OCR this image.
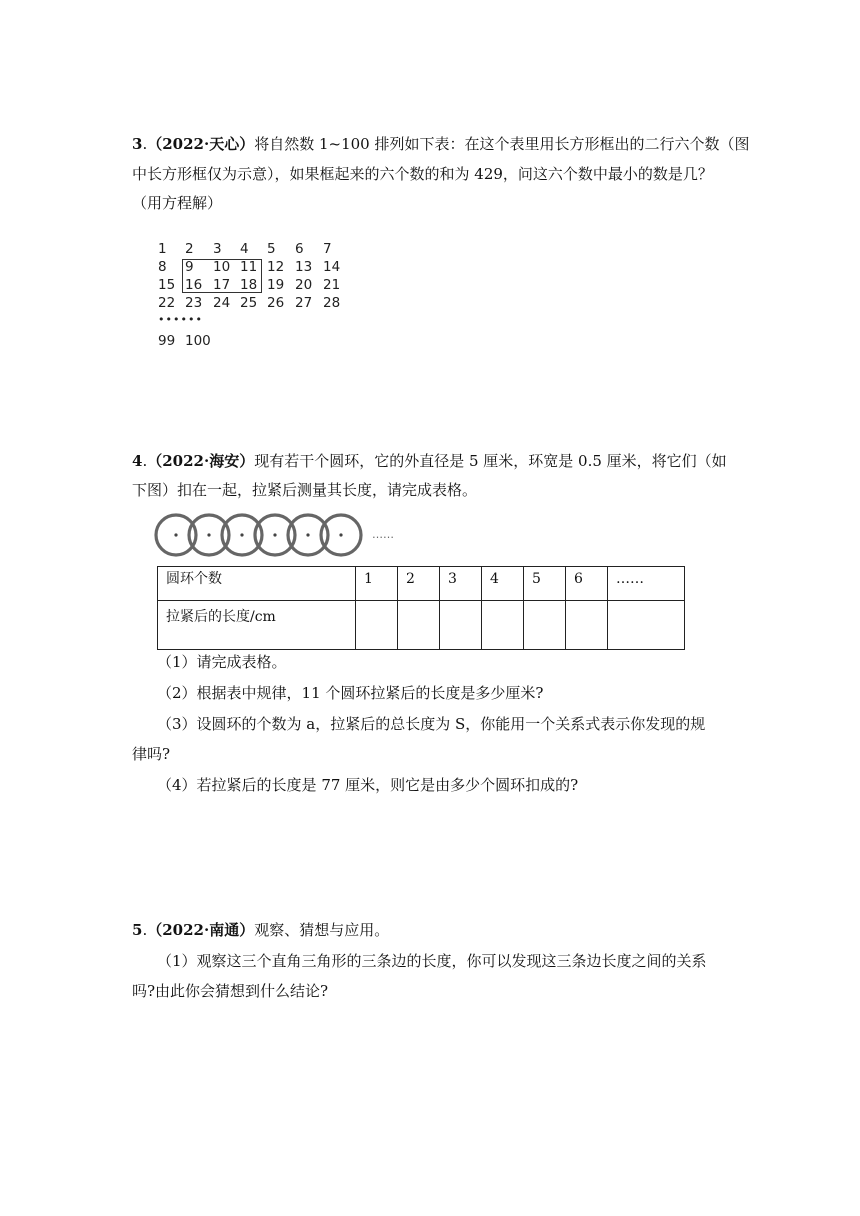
3.（2022·天心）将自然数 1~100 排列如下表：在这个表里用长方形框出的二行六个数（图
中长方形框仅为示意），如果框起来的六个数的和为 429，问这六个数中最小的数是几？
（用方程解）
1	2	3	4	5	6	7
8	9	10 11 12 13 14
15 16 17 18 19 20 21
22 23 24 25 26 27 28
••••••
99 100
4.（2022·海安）现有若干个圆环，它的外直径是 5 厘米，环宽是 0.5 厘米，将它们（如
下图）扣在一起，拉紧后测量其长度，请完成表格。
……
圆环个数	1	2	3	4	5	6	……
拉紧后的长度/cm							
（1）请完成表格。
（2）根据表中规律，11 个圆环拉紧后的长度是多少厘米?
（3）设圆环的个数为 a，拉紧后的总长度为 S，你能用一个关系式表示你发现的规
律吗?
（4）若拉紧后的长度是 77 厘米，则它是由多少个圆环扣成的?
5.（2022·南通）观察、猜想与应用。
（1）观察这三个直角三角形的三条边的长度，你可以发现这三条边长度之间的关系
吗?由此你会猜想到什么结论?
